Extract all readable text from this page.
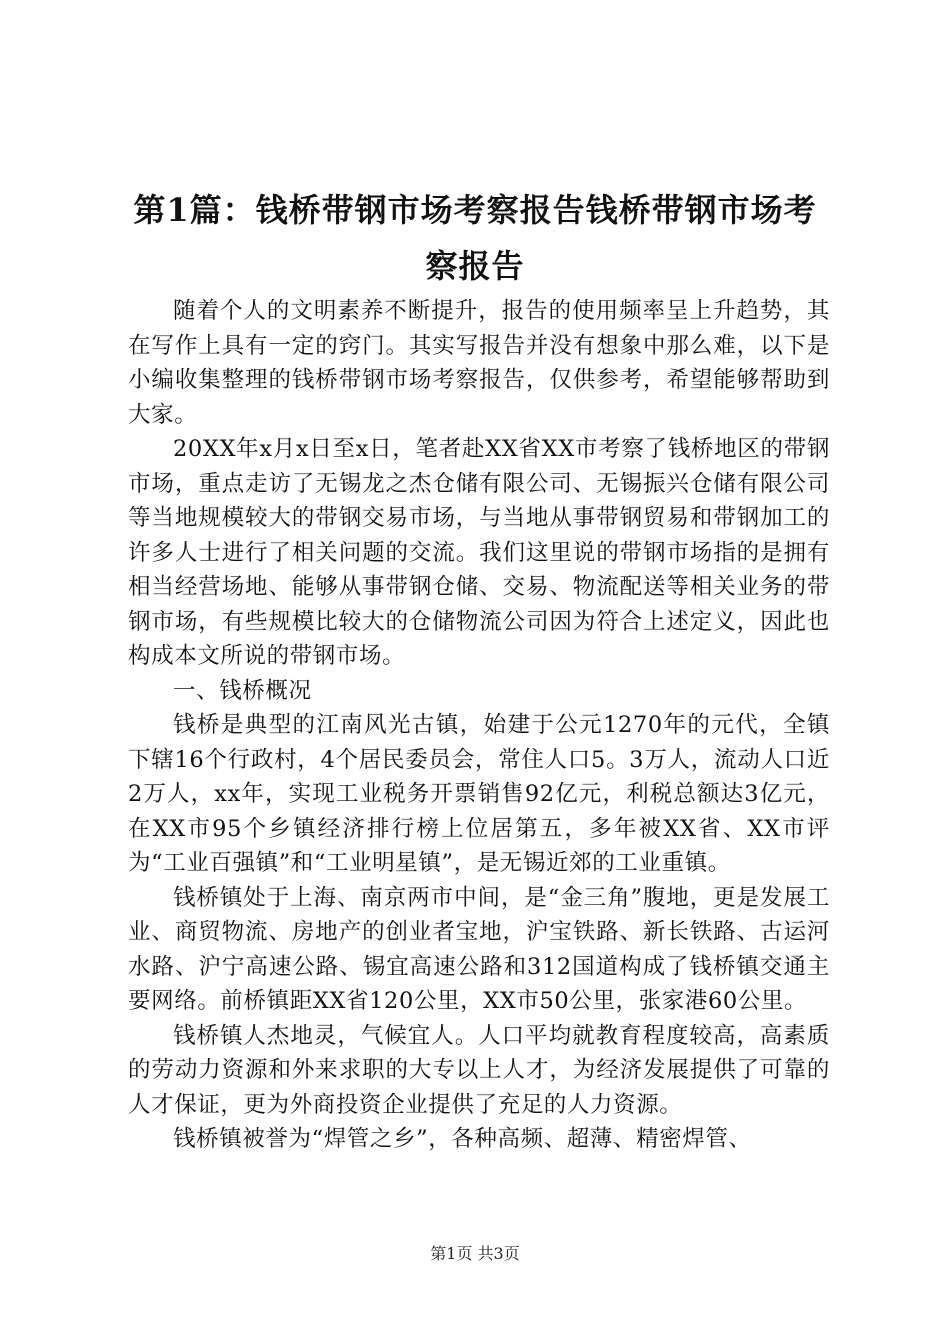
第1篇：钱桥带钢市场考察报告钱桥带钢市场考察报告

随着个人的文明素养不断提升，报告的使用频率呈上升趋势，其在写作上具有一定的窍门。其实写报告并没有想象中那么难，以下是小编收集整理的钱桥带钢市场考察报告，仅供参考，希望能够帮助到大家。

20XX年x月x日至x日，笔者赴XX省XX市考察了钱桥地区的带钢市场，重点走访了无锡龙之杰仓储有限公司、无锡振兴仓储有限公司等当地规模较大的带钢交易市场，与当地从事带钢贸易和带钢加工的许多人士进行了相关问题的交流。我们这里说的带钢市场指的是拥有相当经营场地、能够从事带钢仓储、交易、物流配送等相关业务的带钢市场，有些规模比较大的仓储物流公司因为符合上述定义，因此也构成本文所说的带钢市场。

一、钱桥概况

钱桥是典型的江南风光古镇，始建于公元1270年的元代，全镇下辖16个行政村，4个居民委员会，常住人口5。3万人，流动人口近2万人，xx年，实现工业税务开票销售92亿元，利税总额达3亿元，在XX市95个乡镇经济排行榜上位居第五，多年被XX省、XX市评为“工业百强镇”和“工业明星镇”，是无锡近郊的工业重镇。

钱桥镇处于上海、南京两市中间，是“金三角”腹地，更是发展工业、商贸物流、房地产的创业者宝地，沪宝铁路、新长铁路、古运河水路、沪宁高速公路、锡宜高速公路和312国道构成了钱桥镇交通主要网络。前桥镇距XX省120公里，XX市50公里，张家港60公里。

钱桥镇人杰地灵，气候宜人。人口平均就教育程度较高，高素质的劳动力资源和外来求职的大专以上人才，为经济发展提供了可靠的人才保证，更为外商投资企业提供了充足的人力资源。

钱桥镇被誉为“焊管之乡”，各种高频、超薄、精密焊管、

第1页 共3页
